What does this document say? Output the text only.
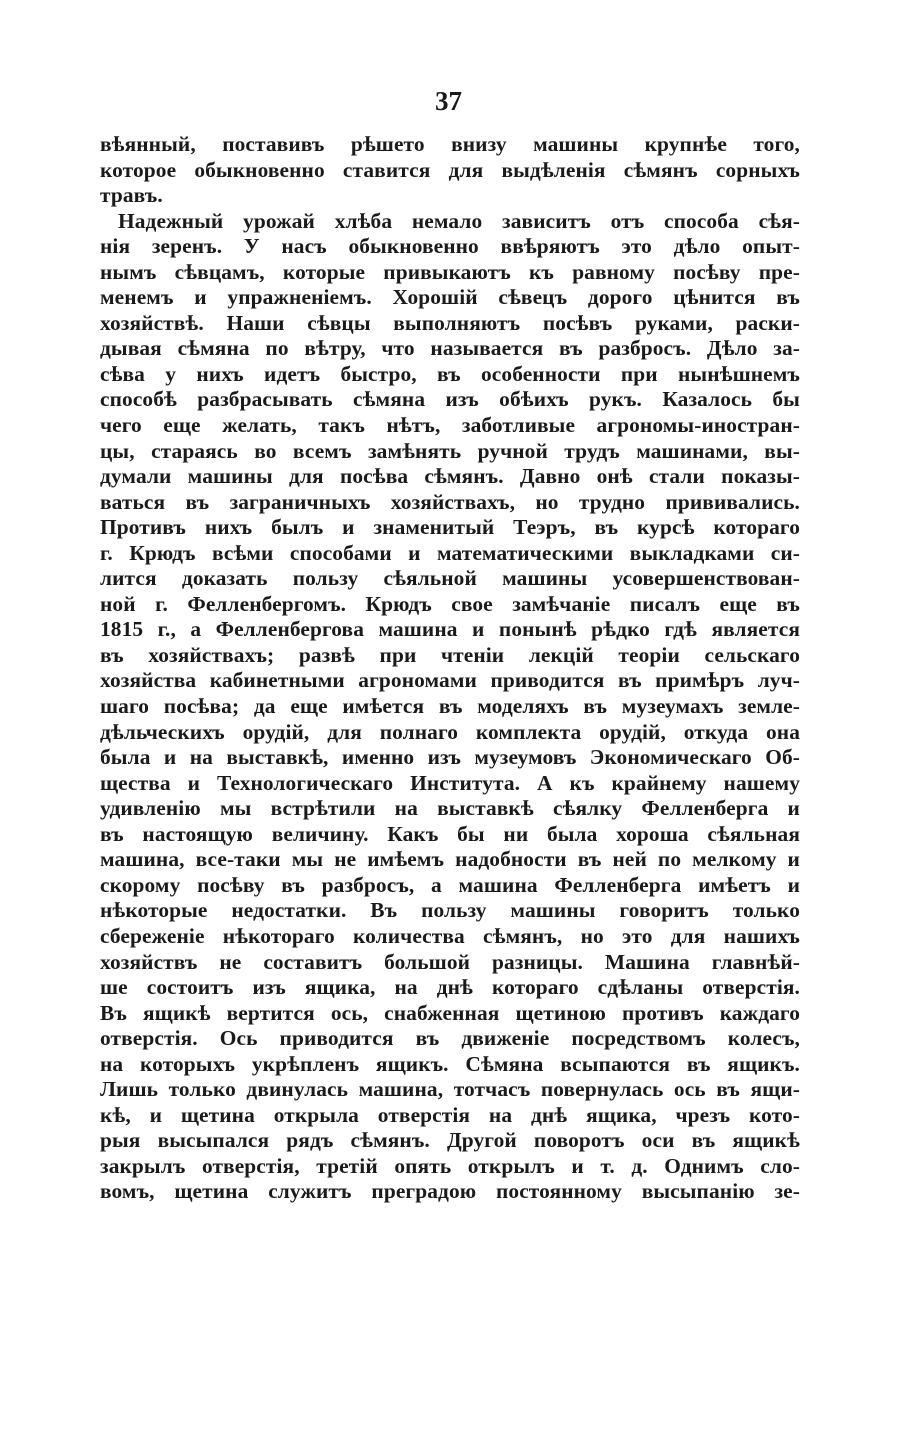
37
вѣянный, поставивъ рѣшето внизу машины крупнѣе того,
которое обыкновенно ставится для выдѣленія сѣмянъ сорныхъ
травъ.
Надежный урожай хлѣба немало зависитъ отъ способа сѣя-
нія зеренъ. У насъ обыкновенно ввѣряютъ это дѣло опыт-
нымъ сѣвцамъ, которые привыкаютъ къ равному посѣву пре-
менемъ и упражненіемъ. Хорошій сѣвецъ дорого цѣнится въ
хозяйствѣ. Наши сѣвцы выполняютъ посѣвъ руками, раски-
дывая сѣмяна по вѣтру, что называется въ разбросъ. Дѣло за-
сѣва у нихъ идетъ быстро, въ особенности при нынѣшнемъ
способѣ разбрасывать сѣмяна изъ обѣихъ рукъ. Казалось бы
чего еще желать, такъ нѣтъ, заботливые агрономы-иностран-
цы, стараясь во всемъ замѣнять ручной трудъ машинами, вы-
думали машины для посѣва сѣмянъ. Давно онѣ стали показы-
ваться въ заграничныхъ хозяйствахъ, но трудно прививались.
Противъ нихъ былъ и знаменитый Теэръ, въ курсѣ котораго
г. Крюдъ всѣми способами и математическими выкладками си-
лится доказать пользу сѣяльной машины усовершенствован-
ной г. Фелленбергомъ. Крюдъ свое замѣчаніе писалъ еще въ
1815 г., а Фелленбергова машина и понынѣ рѣдко гдѣ является
въ хозяйствахъ; развѣ при чтеніи лекцій теоріи сельскаго
хозяйства кабинетными агрономами приводится въ примѣръ луч-
шаго посѣва; да еще имѣется въ моделяхъ въ музеумахъ земле-
дѣльческихъ орудій, для полнаго комплекта орудій, откуда она
была и на выставкѣ, именно изъ музеумовъ Экономическаго Об-
щества и Технологическаго Института. А къ крайнему нашему
удивленію мы встрѣтили на выставкѣ сѣялку Фелленберга и
въ настоящую величину. Какъ бы ни была хороша сѣяльная
машина, все-таки мы не имѣемъ надобности въ ней по мелкому и
скорому посѣву въ разбросъ, а машина Фелленберга имѣетъ и
нѣкоторые недостатки. Въ пользу машины говоритъ только
сбереженіе нѣкотораго количества сѣмянъ, но это для нашихъ
хозяйствъ не составитъ большой разницы. Машина главнѣй-
ше состоитъ изъ ящика, на днѣ котораго сдѣланы отверстія.
Въ ящикѣ вертится ось, снабженная щетиною противъ каждаго
отверстія. Ось приводится въ движеніе посредствомъ колесъ,
на которыхъ укрѣпленъ ящикъ. Сѣмяна всыпаются въ ящикъ.
Лишь только двинулась машина, тотчасъ повернулась ось въ ящи-
кѣ, и щетина открыла отверстія на днѣ ящика, чрезъ кото-
рыя высыпался рядъ сѣмянъ. Другой поворотъ оси въ ящикѣ
закрылъ отверстія, третій опять открылъ и т. д. Однимъ сло-
вомъ, щетина служитъ преградою постоянному высыпанію зе-
